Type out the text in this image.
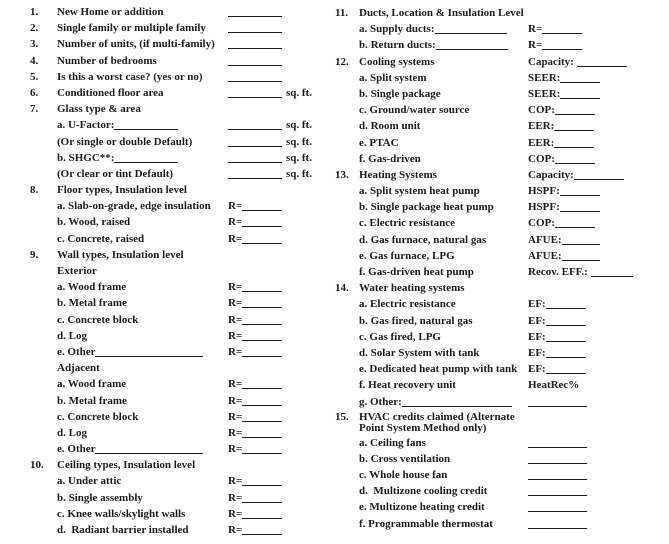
1.	New Home or addition
2.	Single family or multiple family
3.	Number of units, (if multi-family)
4.	Number of bedrooms
5.	Is this a worst case? (yes or no)
6.	Conditioned floor area	sq. ft.
7.	Glass type & area
a. U-Factor:	sq. ft.
(Or single or double Default)	sq. ft.
b. SHGC**:	sq. ft.
(Or clear or tint Default)	sq. ft.
8.	Floor types, Insulation level
a. Slab-on-grade, edge insulation	R=
b. Wood, raised	R=
c. Concrete, raised	R=
9.	Wall types, Insulation level
Exterior
a. Wood frame	R=
b. Metal frame	R=
c. Concrete block	R=
d. Log	R=
e. Other	R=
Adjacent
a. Wood frame	R=
b. Metal frame	R=
c. Concrete block	R=
d. Log	R=
e. Other	R=
10.	Ceiling types, Insulation level
a. Under attic	R=
b. Single assembly	R=
c. Knee walls/skylight walls	R=
d.  Radiant barrier installed	R=
11. Ducts, Location & Insulation Level
a. Supply ducts:	R=
b. Return ducts:	R=
12. Cooling systems	Capacity:
a. Split system	SEER:
b. Single package	SEER:
c. Ground/water source	COP:
d. Room unit	EER:
e. PTAC	EER:
f. Gas-driven	COP:
13. Heating Systems	Capacity:
a. Split system heat pump	HSPF:
b. Single package heat pump	HSPF:
c. Electric resistance	COP:
d. Gas furnace, natural gas	AFUE:
e. Gas furnace, LPG	AFUE:
f. Gas-driven heat pump	Recov. EFF.:
14. Water heating systems
a. Electric resistance	EF:
b. Gas fired, natural gas	EF:
c. Gas fired, LPG	EF:
d. Solar System with tank	EF:
e. Dedicated heat pump with tank EF:
f. Heat recovery unit	HeatRec%
g. Other:
15. HVAC credits claimed (Alternate Point System Method only)
a. Ceiling fans
b. Cross ventilation
c. Whole house fan
d.  Multizone cooling credit
e. Multizone heating credit
f. Programmable thermostat
